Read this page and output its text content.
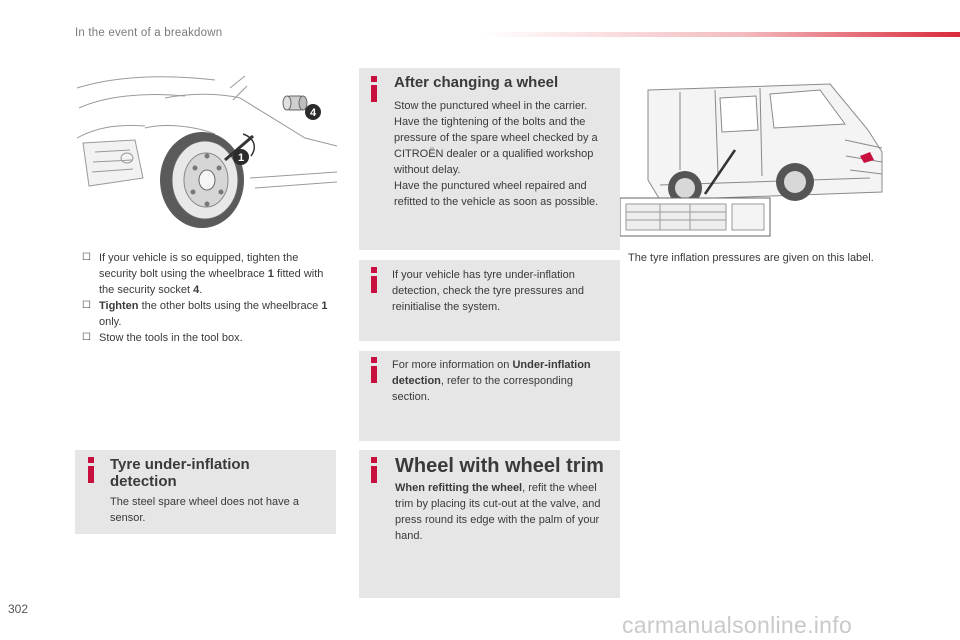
In the event of a breakdown
1
4
☐ If your vehicle is so equipped, tighten the security bolt using the wheelbrace 1 fitted with the security socket 4.
☐ Tighten the other bolts using the wheelbrace 1 only.
☐ Stow the tools in the tool box.
After changing a wheel

Stow the punctured wheel in the carrier. Have the tightening of the bolts and the pressure of the spare wheel checked by a CITROËN dealer or a qualified workshop without delay.

Have the punctured wheel repaired and refitted to the vehicle as soon as possible.

If your vehicle has tyre under-inflation detection, check the tyre pressures and reinitialise the system.

For more information on Under-inflation detection, refer to the corresponding section.

Tyre under-inflation
detection

The steel spare wheel does not have a sensor.

Wheel with wheel trim

When refitting the wheel, refit the wheel trim by placing its cut-out at the valve, and press round its edge with the palm of your hand.

The tyre inflation pressures are given on this label.
302
carmanualsonline.info
